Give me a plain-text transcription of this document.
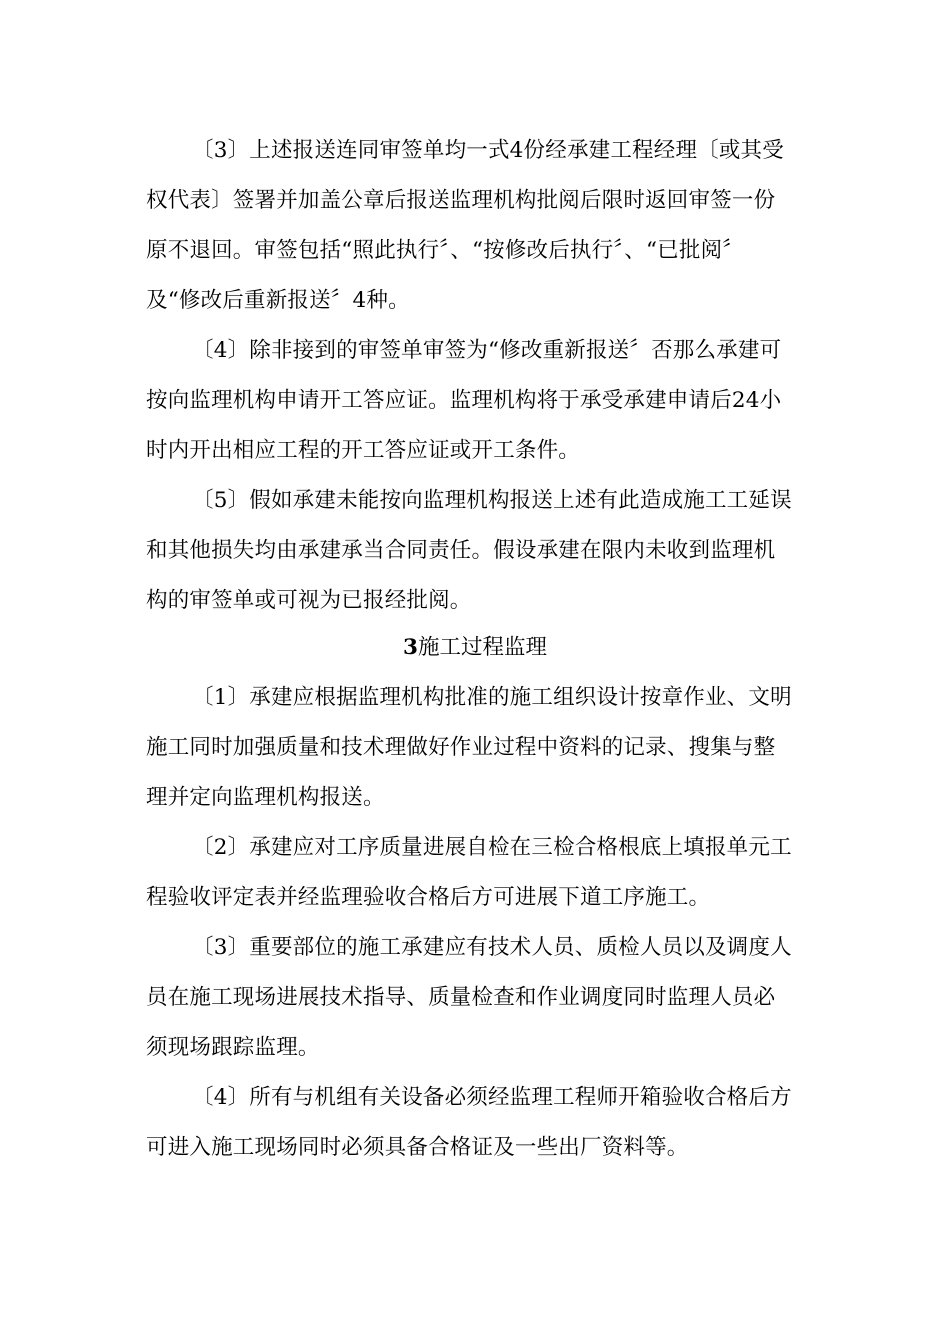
〔3〕上述报送连同审签单均一式4份经承建工程经理〔或其受
权代表〕签署并加盖公章后报送监理机构批阅后限时返回审签一份
原不退回。审签包括“照此执行〞、“按修改后执行〞、“已批阅〞
及“修改后重新报送〞4种。
〔4〕除非接到的审签单审签为“修改重新报送〞否那么承建可
按向监理机构申请开工答应证。监理机构将于承受承建申请后24小
时内开出相应工程的开工答应证或开工条件。
〔5〕假如承建未能按向监理机构报送上述有此造成施工工延误
和其他损失均由承建承当合同责任。假设承建在限内未收到监理机
构的审签单或可视为已报经批阅。
3施工过程监理
〔1〕承建应根据监理机构批准的施工组织设计按章作业、文明
施工同时加强质量和技术理做好作业过程中资料的记录、搜集与整
理并定向监理机构报送。
〔2〕承建应对工序质量进展自检在三检合格根底上填报单元工
程验收评定表并经监理验收合格后方可进展下道工序施工。
〔3〕重要部位的施工承建应有技术人员、质检人员以及调度人
员在施工现场进展技术指导、质量检查和作业调度同时监理人员必
须现场跟踪监理。
〔4〕所有与机组有关设备必须经监理工程师开箱验收合格后方
可进入施工现场同时必须具备合格证及一些出厂资料等。
